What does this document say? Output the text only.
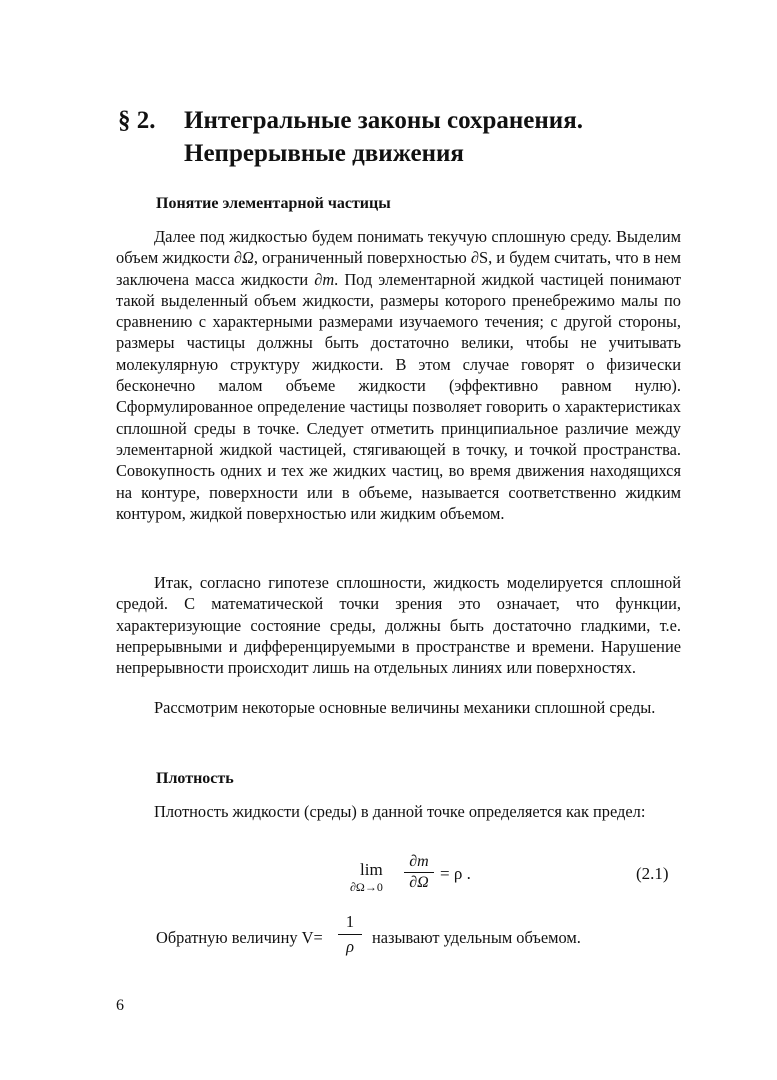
§ 2. Интегральные законы сохранения.
Непрерывные движения
Понятие элементарной частицы
Далее под жидкостью будем понимать текучую сплошную среду. Выделим объем жидкости ∂Ω, ограниченный поверхностью ∂S, и будем считать, что в нем заключена масса жидкости ∂m. Под элементарной жидкой частицей понимают такой выделенный объем жидкости, размеры которого пренебрежимо малы по сравнению с характерными размерами изучаемого течения; с другой стороны, размеры частицы должны быть достаточно велики, чтобы не учитывать молекулярную структуру жидкости. В этом случае говорят о физически бесконечно малом объеме жидкости (эффективно равном нулю). Сформулированное определение частицы позволяет говорить о характеристиках сплошной среды в точке. Следует отметить принципиальное различие между элементарной жидкой частицей, стягивающей в точку, и точкой пространства. Совокупность одних и тех же жидких частиц, во время движения находящихся на контуре, поверхности или в объеме, называется соответственно жидким контуром, жидкой поверхностью или жидким объемом.
Итак, согласно гипотезе сплошности, жидкость моделируется сплошной средой. С математической точки зрения это означает, что функции, характеризующие состояние среды, должны быть достаточно гладкими, т.е. непрерывными и дифференцируемыми в пространстве и времени. Нарушение непрерывности происходит лишь на отдельных линиях или поверхностях.
Рассмотрим некоторые основные величины механики сплошной среды.
Плотность
Плотность жидкости (среды) в данной точке определяется как предел:
lim
∂Ω→0
∂m
∂Ω = ρ .	(2.1)
Обратную величину V=
1
ρ	называют удельным объемом.
6
